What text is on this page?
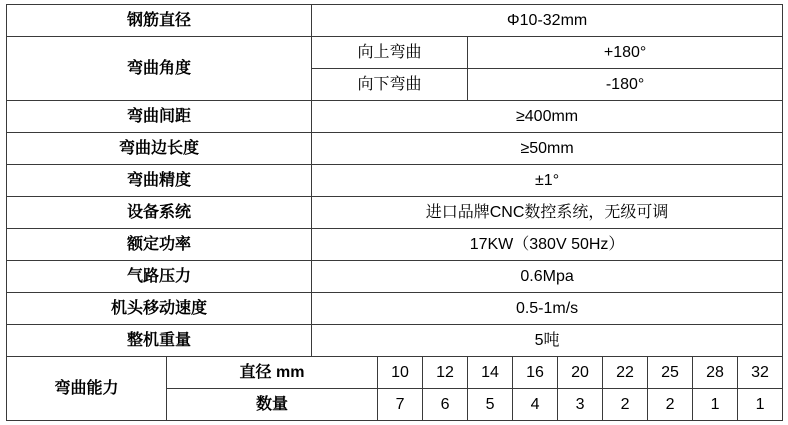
钢筋直径		Φ10-32mm									
弯曲角度		向上弯曲			+180°						
		向下弯曲			-180°						
弯曲间距		≥400mm									
弯曲边长度		≥50mm									
弯曲精度		±1°									
设备系统		进口品牌CNC数控系统，无级可调									
额定功率		17KW（380V 50Hz）									
气路压力		0.6Mpa									
机头移动速度		0.5-1m/s									
整机重量		5吨									
弯曲能力	直径 mm		10	12	14	16	20	22	25	28	32
	数量		7	6	5	4	3	2	2	1	1
